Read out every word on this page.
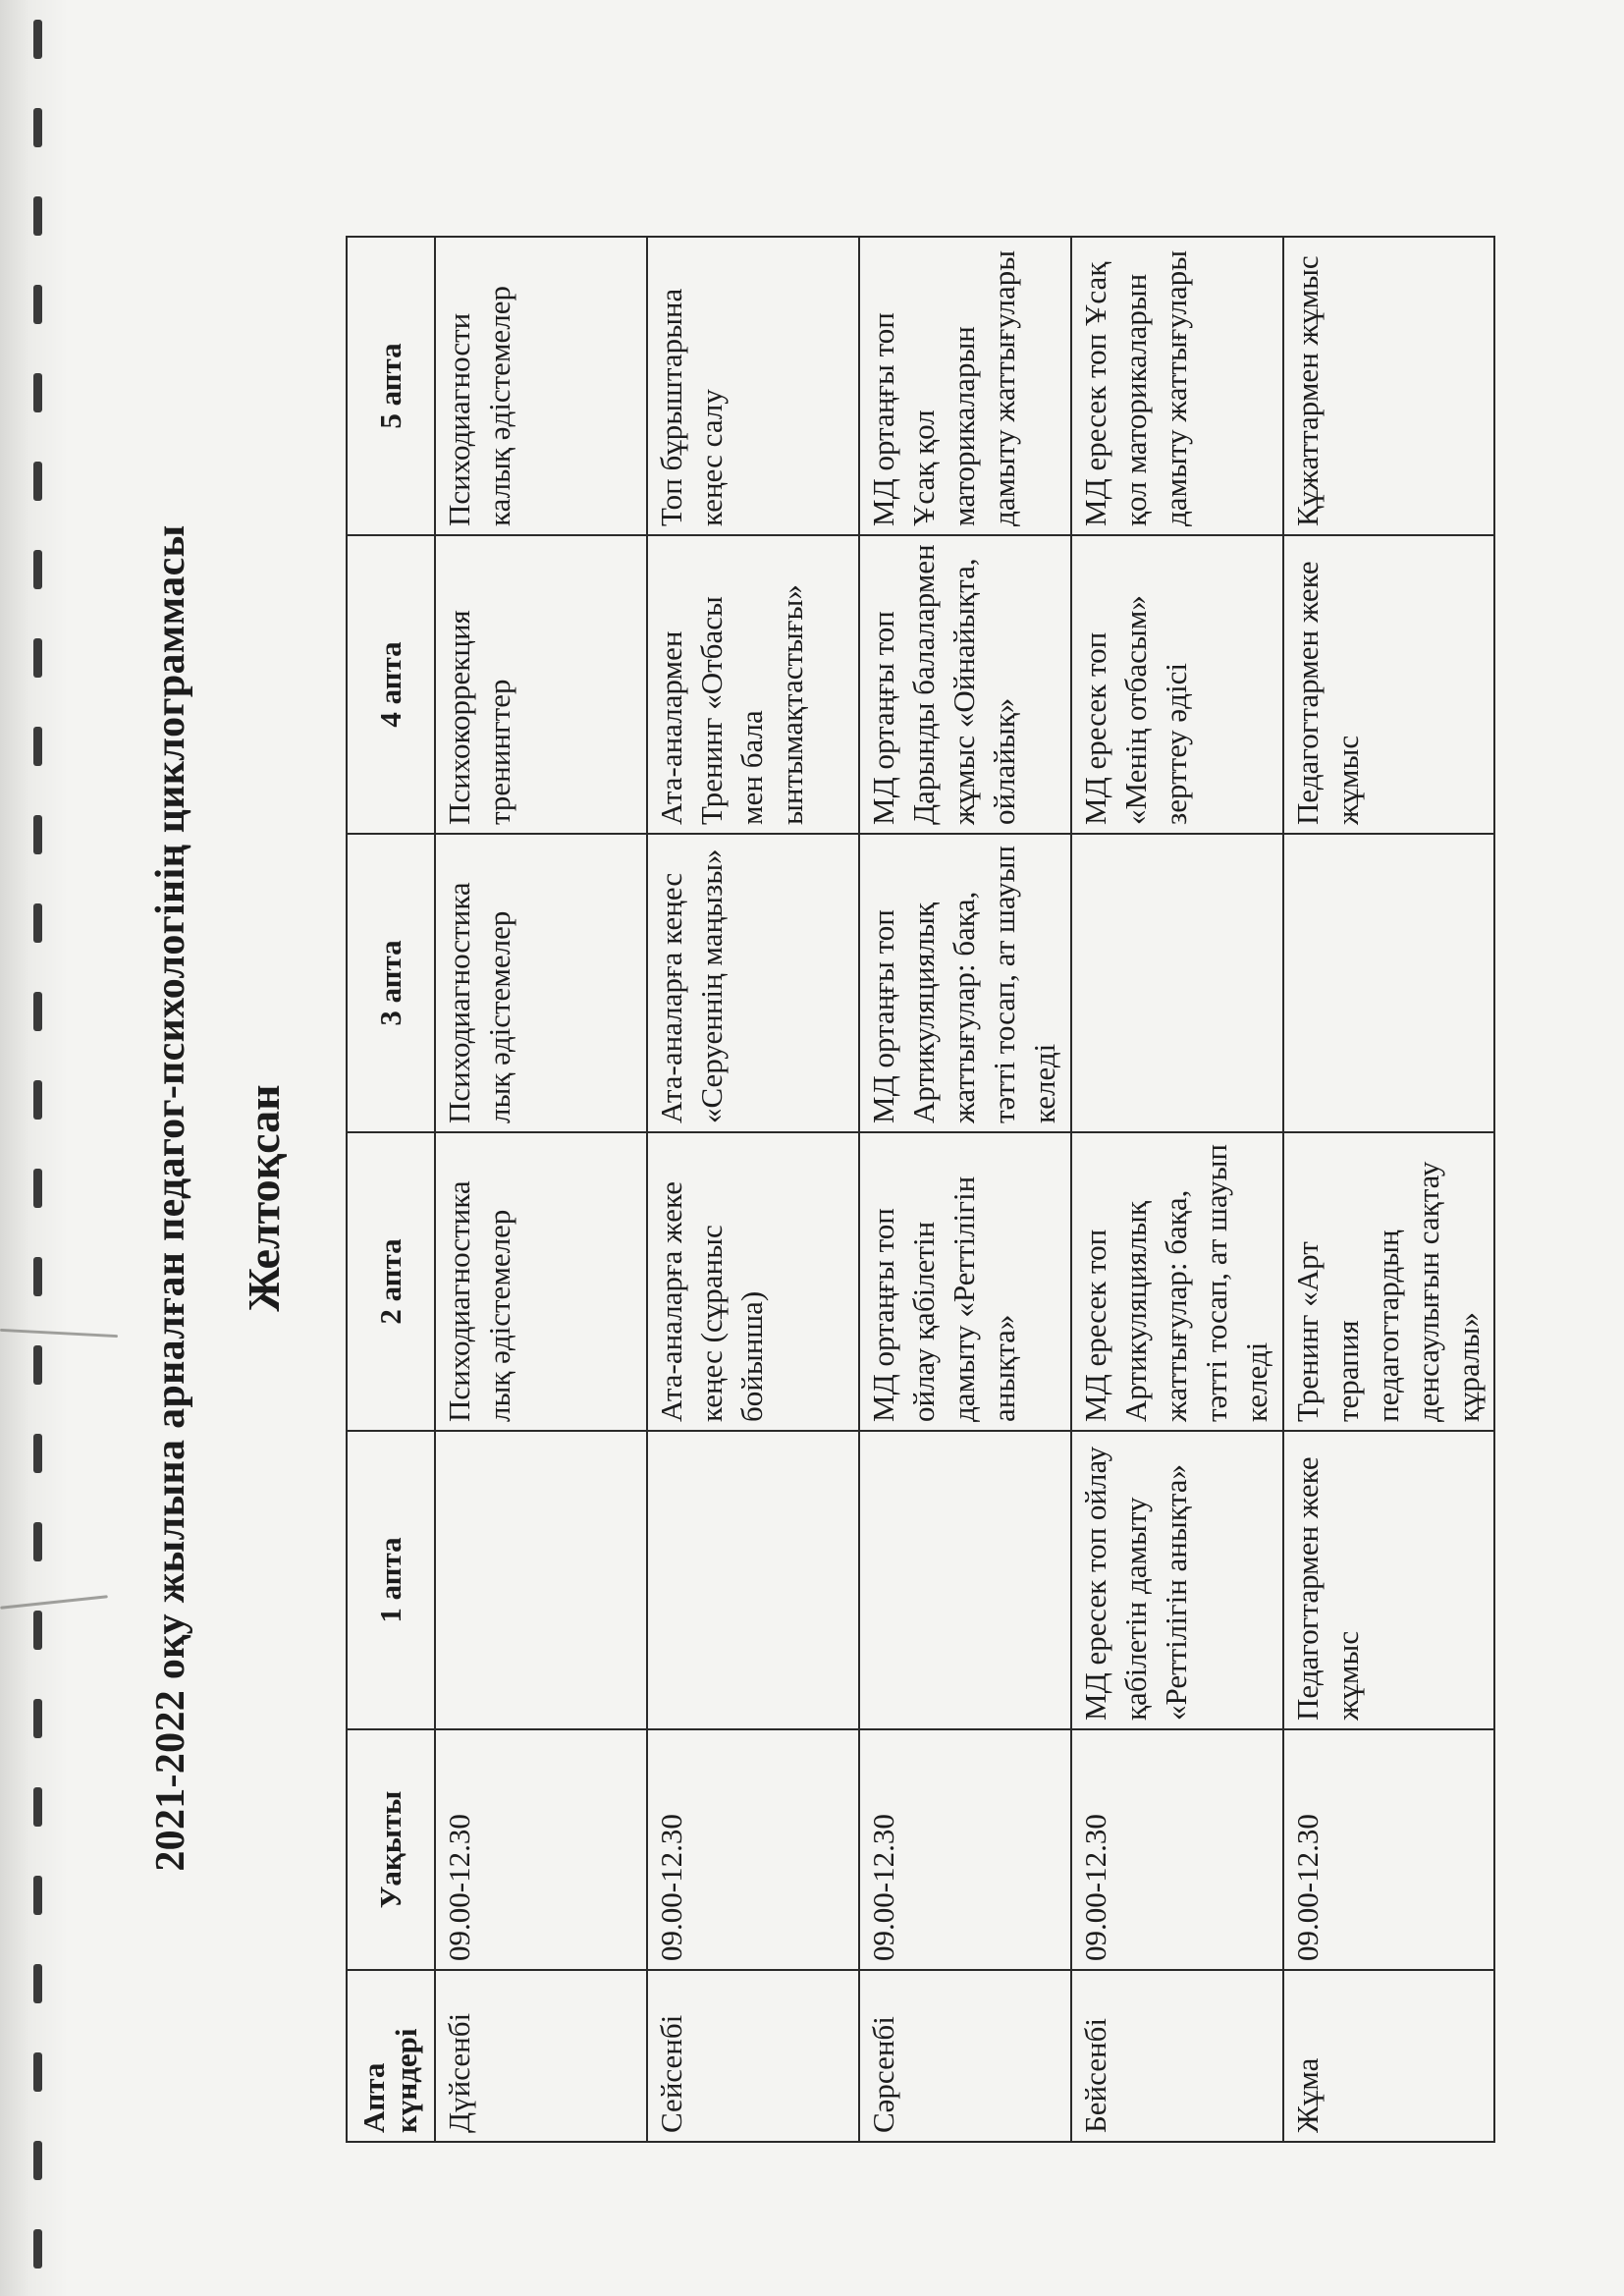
2021-2022 оқу жылына арналған педагог-психологінің циклограммасы Желтоқсан
Апта
күндері	Уақыты	1 апта	2 апта	3 апта	4 апта	5 апта
Дүйсенбі	09.00-12.30		Психодиагностика лық әдістемелер	Психодиагностика лық әдістемелер	Психокоррекция тренингтер	Психодиагности калық әдістемелер
Сейсенбі	09.00-12.30		Ата-аналарға жеке кеңес (сұраныс бойынша)	Ата-аналарға кеңес «Серуеннің маңызы»	Ата-аналармен Тренинг «Отбасы мен бала ынтымақтастығы»	Топ бұрыштарына кеңес салу
Сәрсенбі	09.00-12.30		МД ортаңғы топ ойлау қабілетін дамыту «Реттілігін анықта»	МД ортаңғы топ Артикуляциялық жаттығулар: бақа, тәтті тосап, ат шауып келеді	МД ортаңғы топ Дарынды балалармен жұмыс «Ойнайықта, ойлайық»	МД ортаңғы топ Ұсақ қол маторикаларын дамыту жаттығулары
Бейсенбі	09.00-12.30	МД ересек топ ойлау қабілетін дамыту «Реттілігін анықта»	МД ересек топ Артикуляциялық жаттығулар: бақа, тәтті тосап, ат шауып келеді		МД ересек топ «Менің отбасым» зерттеу әдісі	МД ересек топ Ұсақ қол маторикаларын дамыту жаттығулары
Жұма	09.00-12.30	Педагогтармен жеке жұмыс	Тренинг «Арт терапия педагогтардың денсаулығын сақтау құралы»		Педагогтармен жеке жұмыс	Құжаттармен жұмыс
